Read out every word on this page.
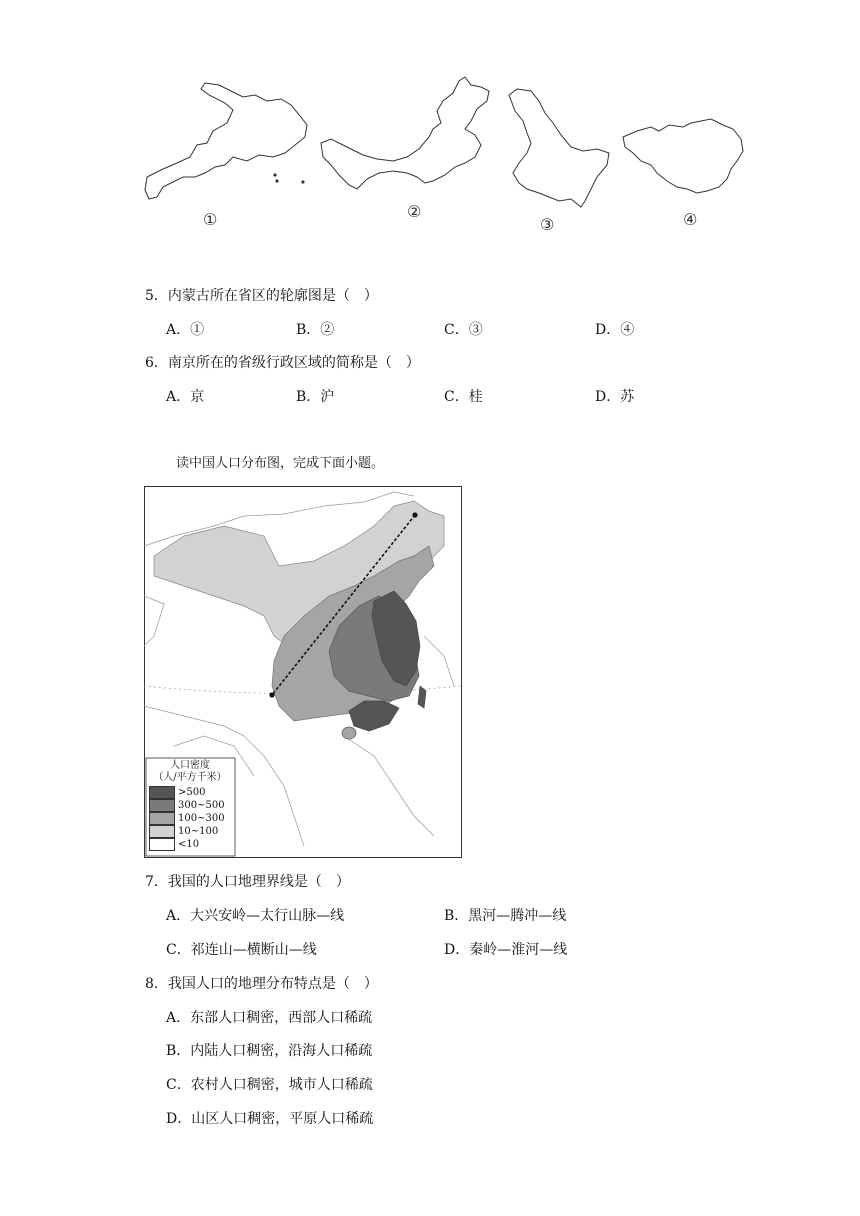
①	②
③	④
5．内蒙古所在省区的轮廓图是（　）
A．①	B．②	C．③	D．④
6．南京所在的省级行政区域的简称是（　）
A．京	B．沪	C．桂	D．苏
读中国人口分布图，完成下面小题。
人口密度
（人/平方千米）
>500
300~500
100~300
10~100
<10
7．我国的人口地理界线是（　）
A．大兴安岭—太行山脉—线	B．黑河—腾冲—线
C．祁连山—横断山—线	D．秦岭—淮河—线
8．我国人口的地理分布特点是（　）
A．东部人口稠密，西部人口稀疏
B．内陆人口稠密，沿海人口稀疏
C．农村人口稠密，城市人口稀疏
D．山区人口稠密，平原人口稀疏
